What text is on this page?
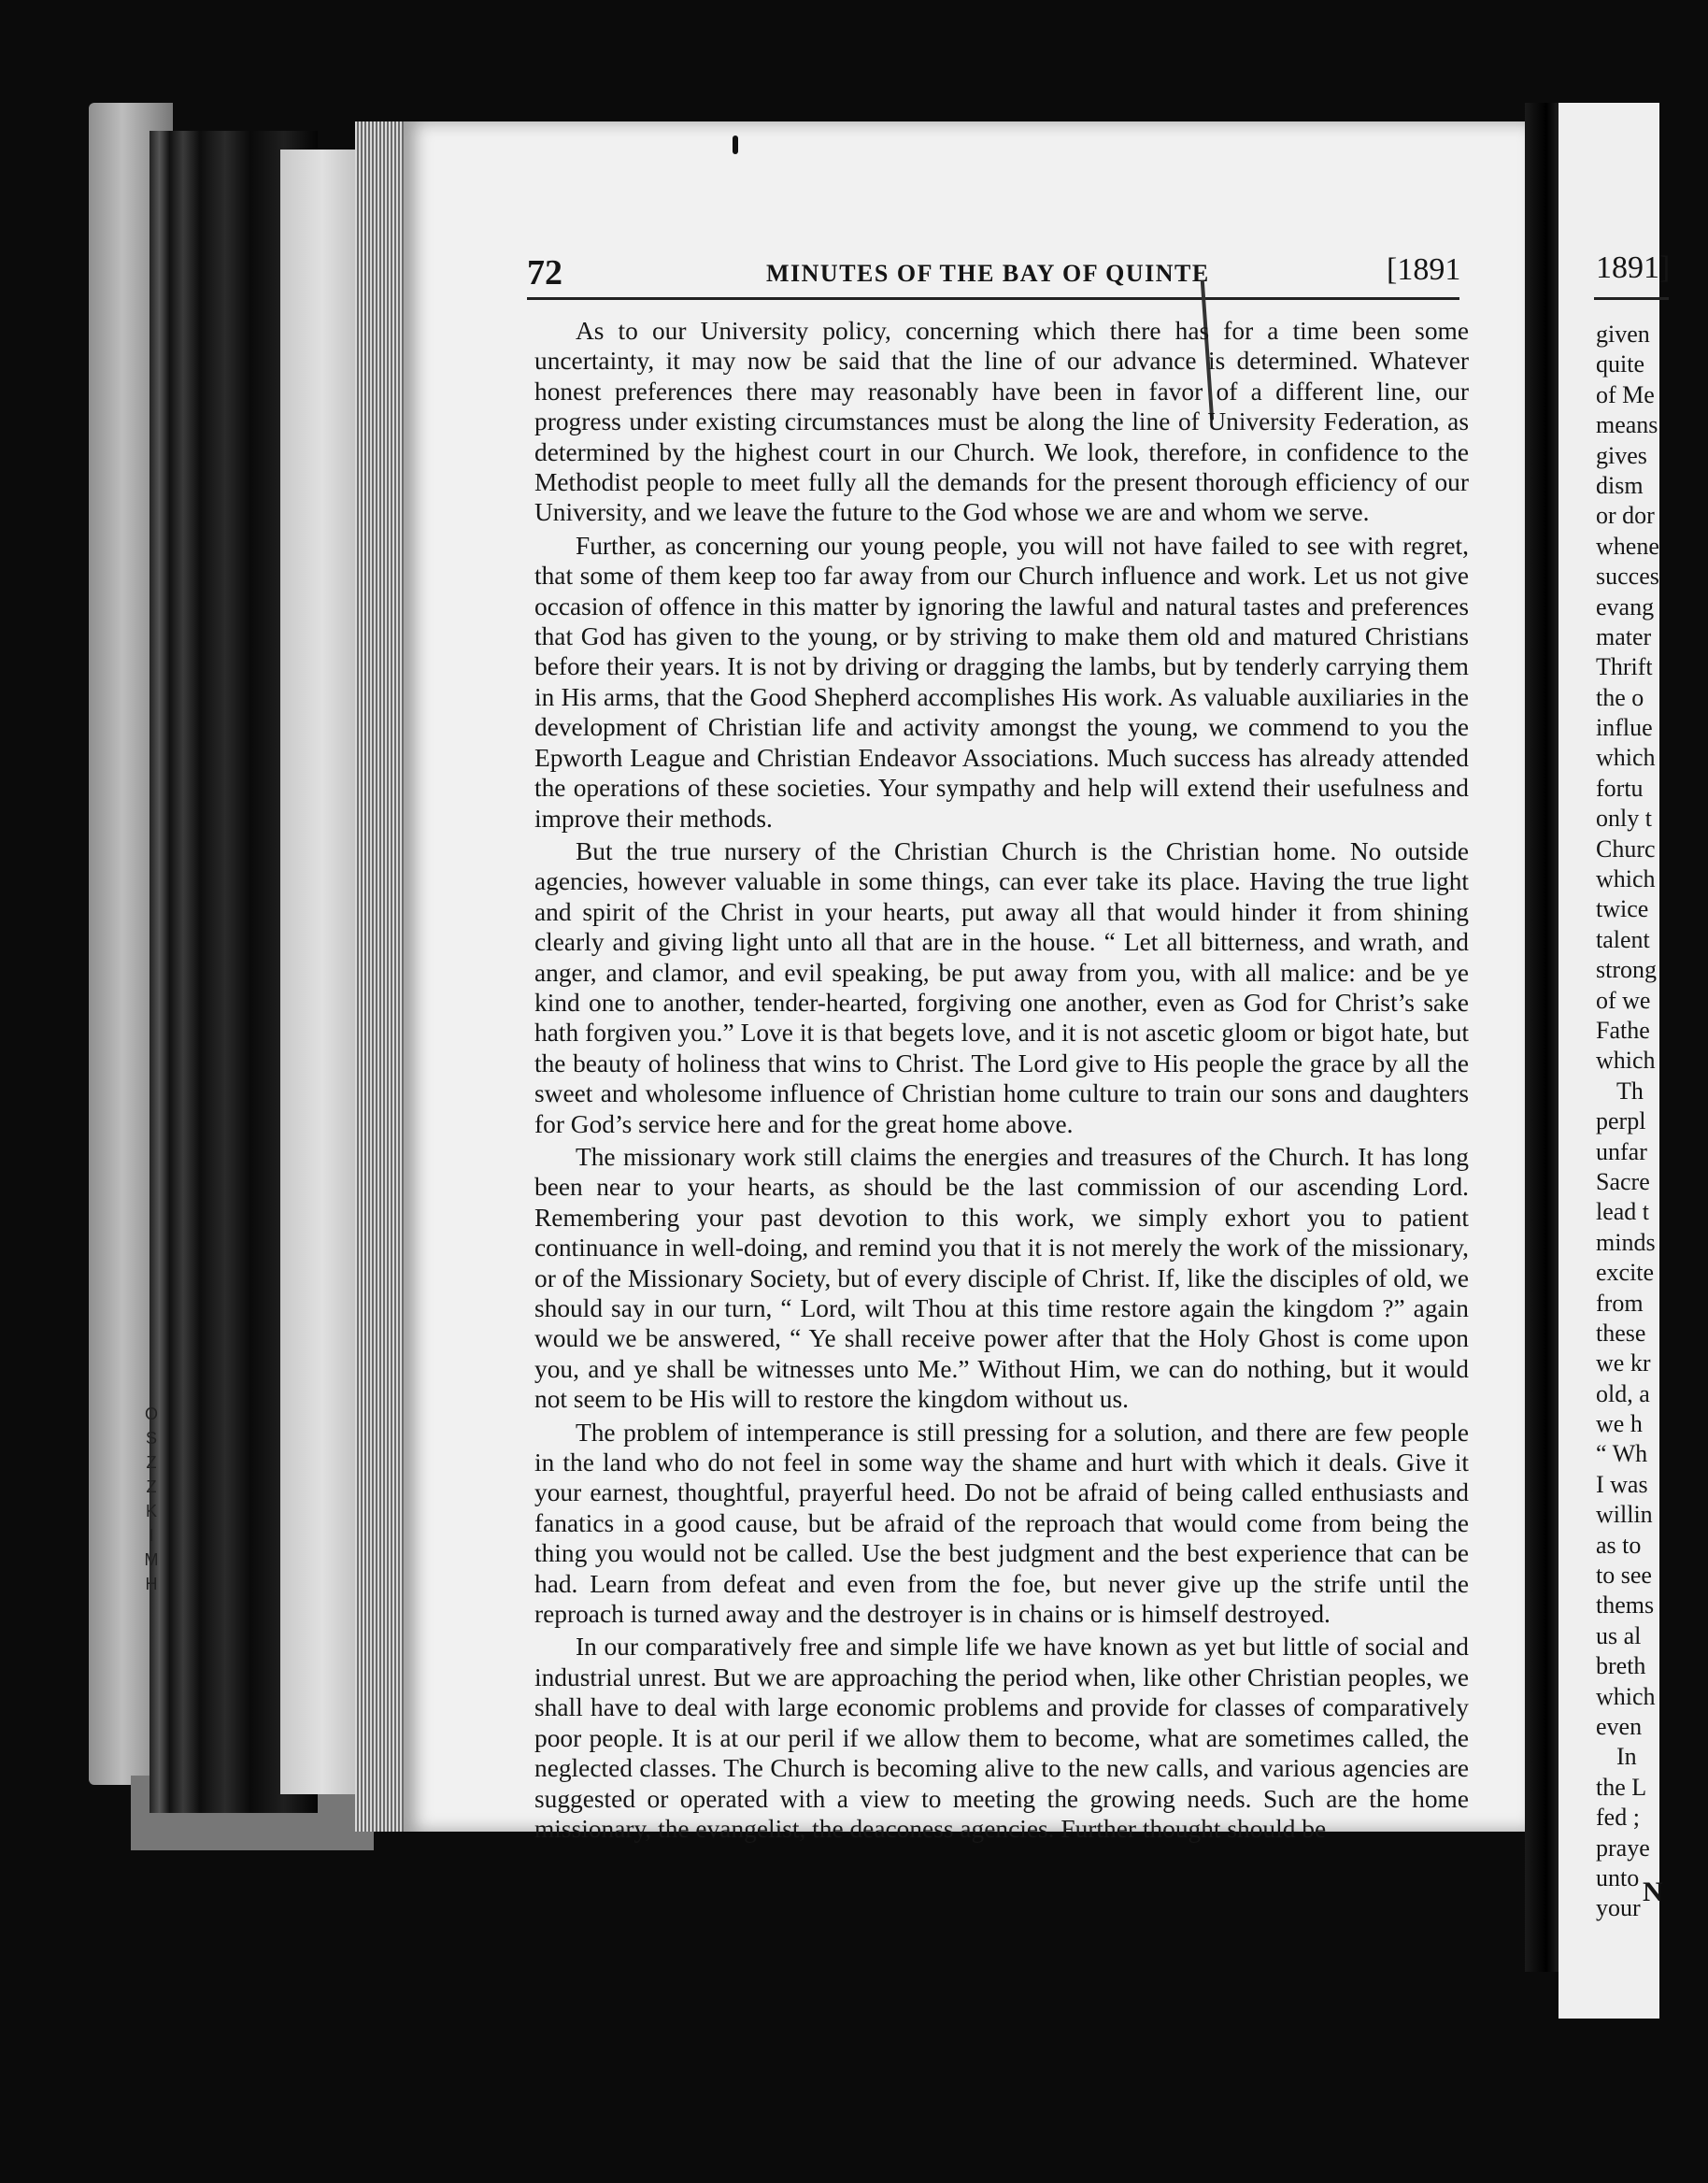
O
S
Z
Z
K
I
M
H
72	MINUTES OF THE BAY OF QUINTE	[1891

As to our University policy, concerning which there has for a time been some uncertainty, it may now be said that the line of our advance is determined. Whatever honest preferences there may reasonably have been in favor of a different line, our progress under existing circumstances must be along the line of University Federation, as determined by the highest court in our Church. We look, therefore, in confidence to the Methodist people to meet fully all the demands for the present thorough efficiency of our University, and we leave the future to the God whose we are and whom we serve.

Further, as concerning our young people, you will not have failed to see with regret, that some of them keep too far away from our Church influence and work. Let us not give occasion of offence in this matter by ignoring the lawful and natural tastes and preferences that God has given to the young, or by striving to make them old and matured Christians before their years. It is not by driving or dragging the lambs, but by tenderly carrying them in His arms, that the Good Shepherd accomplishes His work. As valuable auxiliaries in the development of Christian life and activity amongst the young, we commend to you the Epworth League and Christian Endeavor Associations. Much success has already attended the operations of these societies. Your sympathy and help will extend their usefulness and improve their methods.

But the true nursery of the Christian Church is the Christian home. No outside agencies, however valuable in some things, can ever take its place. Having the true light and spirit of the Christ in your hearts, put away all that would hinder it from shining clearly and giving light unto all that are in the house. “ Let all bitterness, and wrath, and anger, and clamor, and evil speaking, be put away from you, with all malice: and be ye kind one to another, tender-hearted, forgiving one another, even as God for Christ’s sake hath forgiven you.” Love it is that begets love, and it is not ascetic gloom or bigot hate, but the beauty of holiness that wins to Christ. The Lord give to His people the grace by all the sweet and wholesome influence of Christian home culture to train our sons and daughters for God’s service here and for the great home above.

The missionary work still claims the energies and treasures of the Church. It has long been near to your hearts, as should be the last commission of our ascending Lord. Remembering your past devotion to this work, we simply exhort you to patient continuance in well-doing, and remind you that it is not merely the work of the missionary, or of the Missionary Society, but of every disciple of Christ. If, like the disciples of old, we should say in our turn, “ Lord, wilt Thou at this time restore again the kingdom ?” again would we be answered, “ Ye shall receive power after that the Holy Ghost is come upon you, and ye shall be witnesses unto Me.” Without Him, we can do nothing, but it would not seem to be His will to restore the kingdom without us.

The problem of intemperance is still pressing for a solution, and there are few people in the land who do not feel in some way the shame and hurt with which it deals. Give it your earnest, thoughtful, prayerful heed. Do not be afraid of being called enthusiasts and fanatics in a good cause, but be afraid of the reproach that would come from being the thing you would not be called. Use the best judgment and the best experience that can be had. Learn from defeat and even from the foe, but never give up the strife until the reproach is turned away and the destroyer is in chains or is himself destroyed.

In our comparatively free and simple life we have known as yet but little of social and industrial unrest. But we are approaching the period when, like other Christian peoples, we shall have to deal with large economic problems and provide for classes of comparatively poor people. It is at our peril if we allow them to become, what are sometimes called, the neglected classes. The Church is becoming alive to the new calls, and various agencies are suggested or operated with a view to meeting the growing needs. Such are the home missionary, the evangelist, the deaconess agencies. Further thought should be

1891]
given
quite
of Me
means
gives
dism
or dor
whene
succes
evang
mater
Thrift
the o
influe
which
fortu
only t
Churc
which
twice
talent
strong
of we
Fathe
which
Th
perpl
unfar
Sacre
lead t
minds
excite
from
these
we kr
old, a
we h
“ Wh
I was
willin
as to
to see
thems
us al
breth
which
even
In
the L
fed ;
praye
unto
your
N
